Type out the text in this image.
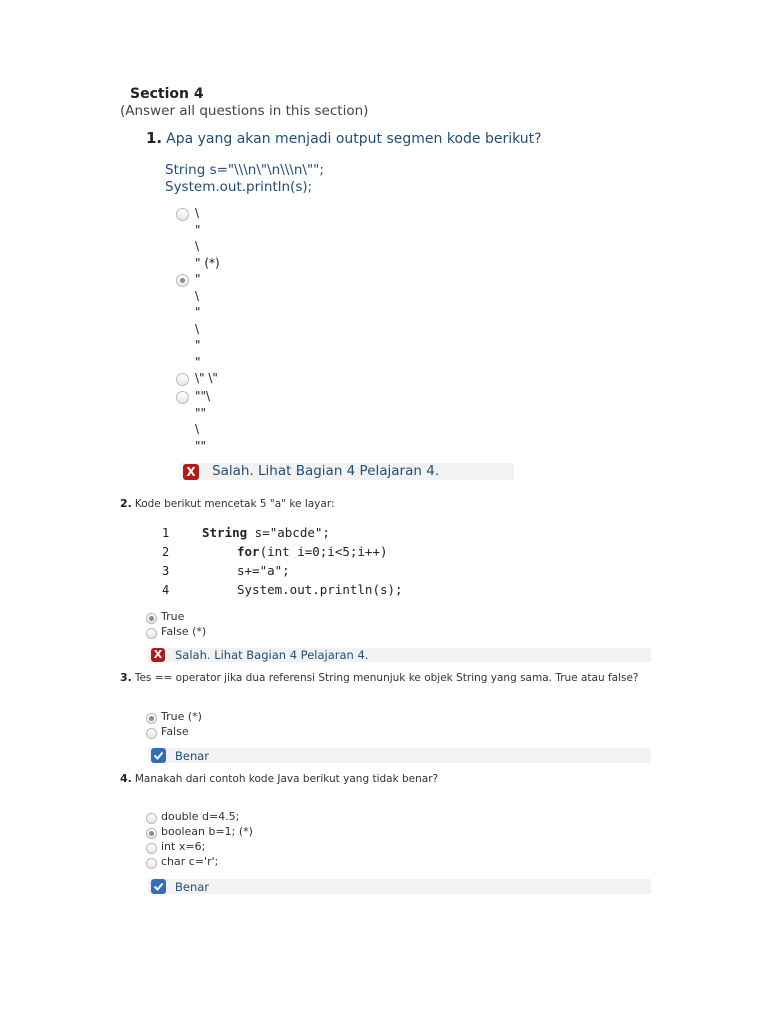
Section 4
(Answer all questions in this section)
1. Apa yang akan menjadi output segmen kode berikut?
String s="\\\n\"\n\\\n\"";
System.out.println(s);
\
"
\
" (*)
"
\
"
\
"
"
\" \"
""\
""
\
""
X Salah. Lihat Bagian 4 Pelajaran 4.
2. Kode berikut mencetak 5 "a" ke layar:
1	String s="abcde";
2	for(int i=0;i<5;i++)
3	s+="a";
4	System.out.println(s);
True
False (*)
X Salah. Lihat Bagian 4 Pelajaran 4.
3. Tes == operator jika dua referensi String menunjuk ke objek String yang sama. True atau false?
True (*)
False
Benar
4. Manakah dari contoh kode Java berikut yang tidak benar?
double d=4.5;
boolean b=1; (*)
int x=6;
char c='r';
Benar
